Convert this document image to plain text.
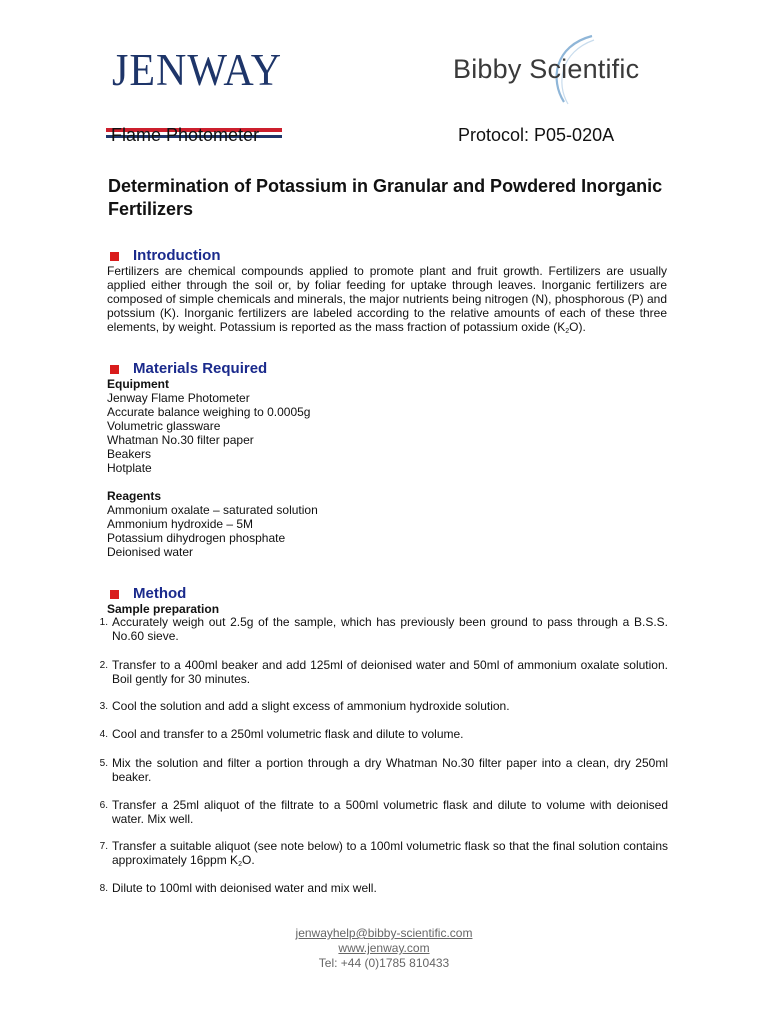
JENWAY	Bibby Scientific
Flame Photometer	Protocol: P05-020A
Determination of Potassium in Granular and Powdered Inorganic Fertilizers
Introduction
Fertilizers are chemical compounds applied to promote plant and fruit growth. Fertilizers are usually applied either through the soil or, by foliar feeding for uptake through leaves. Inorganic fertilizers are composed of simple chemicals and minerals, the major nutrients being nitrogen (N), phosphorous (P) and potssium (K). Inorganic fertilizers are labeled according to the relative amounts of each of these three elements, by weight. Potassium is reported as the mass fraction of potassium oxide $(K_2O)$.
Materials Required
Equipment
Jenway Flame Photometer
Accurate balance weighing to 0.0005g
Volumetric glassware
Whatman No.30 filter paper
Beakers
Hotplate
Reagents
Ammonium oxalate – saturated solution
Ammonium hydroxide – 5M
Potassium dihydrogen phosphate
Deionised water
Method
Sample preparation
1. Accurately weigh out 2.5g of the sample, which has previously been ground to pass through a B.S.S. No.60 sieve.
2. Transfer to a 400ml beaker and add 125ml of deionised water and 50ml of ammonium oxalate solution. Boil gently for 30 minutes.
3. Cool the solution and add a slight excess of ammonium hydroxide solution.
4. Cool and transfer to a 250ml volumetric flask and dilute to volume.
5. Mix the solution and filter a portion through a dry Whatman No.30 filter paper into a clean, dry 250ml beaker.
6. Transfer a 25ml aliquot of the filtrate to a 500ml volumetric flask and dilute to volume with deionised water. Mix well.
7. Transfer a suitable aliquot (see note below) to a 100ml volumetric flask so that the final solution contains approximately 16ppm $K_2O$.
8. Dilute to 100ml with deionised water and mix well.
jenwayhelp@bibby-scientific.com
www.jenway.com
Tel: +44 (0)1785 810433
